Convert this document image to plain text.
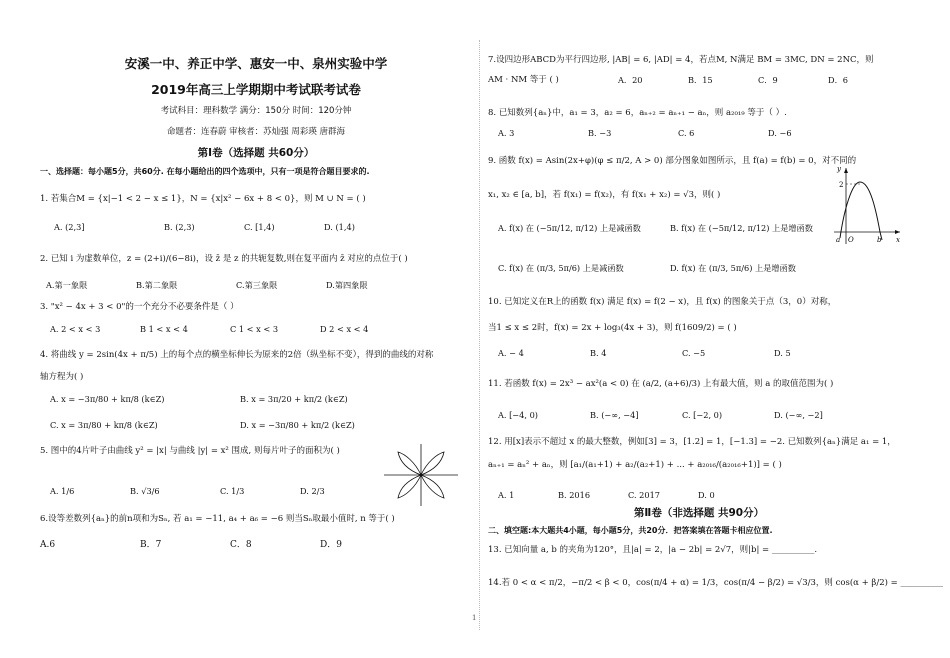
安溪一中、养正中学、惠安一中、泉州实验中学
2019年高三上学期期中考试联考试卷
考试科目：理科数学 满分：150分 时间：120分钟
命题者：连春蔚 审核者：苏灿强 周彩瑛 唐群海
第Ⅰ卷（选择题 共60分）
一、选择题：每小题5分，共60分. 在每小题给出的四个选项中，只有一项是符合题目要求的.
1. 若集合M = {x|−1 < 2 − x ≤ 1}，N = {x|x² − 6x + 8 < 0}，则 M ∪ N = ( )
A. (2,3]	B. (2,3)	C. [1,4)	D. (1,4)
2. 已知 i 为虚数单位，z = (2+i)/(6−8i)，设 z̄ 是 z 的共轭复数,则在复平面内 z̄ 对应的点位于( )
A.第一象限	B.第二象限	C.第三象限	D.第四象限
3. "x² − 4x + 3 < 0"的一个充分不必要条件是（ ）
A. 2 < x < 3	B 1 < x < 4	C 1 < x < 3	D 2 < x < 4
4. 将曲线 y = 2sin(4x + π/5) 上的每个点的横坐标伸长为原来的2倍（纵坐标不变），得到的曲线的对称
轴方程为( )
A. x = −3π/80 + kπ/8 (k∈Z)	B. x = 3π/20 + kπ/2 (k∈Z)
C. x = 3π/80 + kπ/8 (k∈Z)	D. x = −3π/80 + kπ/2 (k∈Z)
5. 图中的4片叶子由曲线 y² = |x| 与曲线 |y| = x² 围成, 则每片叶子的面积为( )
A. 1/6	B. √3/6	C. 1/3	D. 2/3
6.设等差数列{aₙ}的前n项和为Sₙ, 若 a₁ = −11, a₄ + a₆ = −6 则当Sₙ取最小值时, n 等于( )
A.6	B．7	C．8	D．9
7.设四边形ABCD为平行四边形, |AB| = 6, |AD| = 4，若点M, N满足 BM = 3MC, DN = 2NC，则
AM · NM 等于 ( )	A．20	B．15	C．9	D．6
8. 已知数列{aₙ}中，a₁ = 3，a₂ = 6，aₙ₊₂ = aₙ₊₁ − aₙ，则 a₂₀₁₉ 等于（ ）.
A. 3	B. −3	C. 6	D. −6
9. 函数 f(x) = Asin(2x+φ)(φ ≤ π/2, A > 0) 部分图象如图所示，且 f(a) = f(b) = 0，对不同的
x₁, x₂ ∈ [a, b]，若 f(x₁) = f(x₂)，有 f(x₁ + x₂) = √3，则( )
A. f(x) 在 (−5π/12, π/12) 上是减函数	B. f(x) 在 (−5π/12, π/12) 上是增函数
C. f(x) 在 (π/3, 5π/6) 上是减函数	D. f(x) 在 (π/3, 5π/6) 上是增函数
10. 已知定义在R上的函数 f(x) 满足 f(x) = f(2 − x)，且 f(x) 的图象关于点（3，0）对称，
当1 ≤ x ≤ 2时，f(x) = 2x + log₃(4x + 3)，则 f(1609/2) = ( )
A. − 4	B. 4	C. −5	D. 5
11. 若函数 f(x) = 2x³ − ax²(a < 0) 在 (a/2, (a+6)/3) 上有最大值，则 a 的取值范围为( )
A. [−4, 0)	B. (−∞, −4]	C. [−2, 0)	D. (−∞, −2]
12. 用[x]表示不超过 x 的最大整数，例如[3] = 3，[1.2] = 1，[−1.3] = −2. 已知数列{aₙ}满足 a₁ = 1，
aₙ₊₁ = aₙ² + aₙ，则 [a₁/(a₁+1) + a₂/(a₂+1) + ... + a₂₀₁₆/(a₂₀₁₆+1)] = ( )
A. 1	B. 2016	C. 2017	D. 0
第Ⅱ卷（非选择题 共90分）
二、填空题:本大题共4小题，每小题5分，共20分．把答案填在答题卡相应位置.
13. 已知向量 a, b 的夹角为120°，且|a| = 2，|a − 2b| = 2√7，则|b| = __________.
14.若 0 < α < π/2，−π/2 < β < 0，cos(π/4 + α) = 1/3，cos(π/4 − β/2) = √3/3，则 cos(α + β/2) = __________
y
x
2
a O	b
1
